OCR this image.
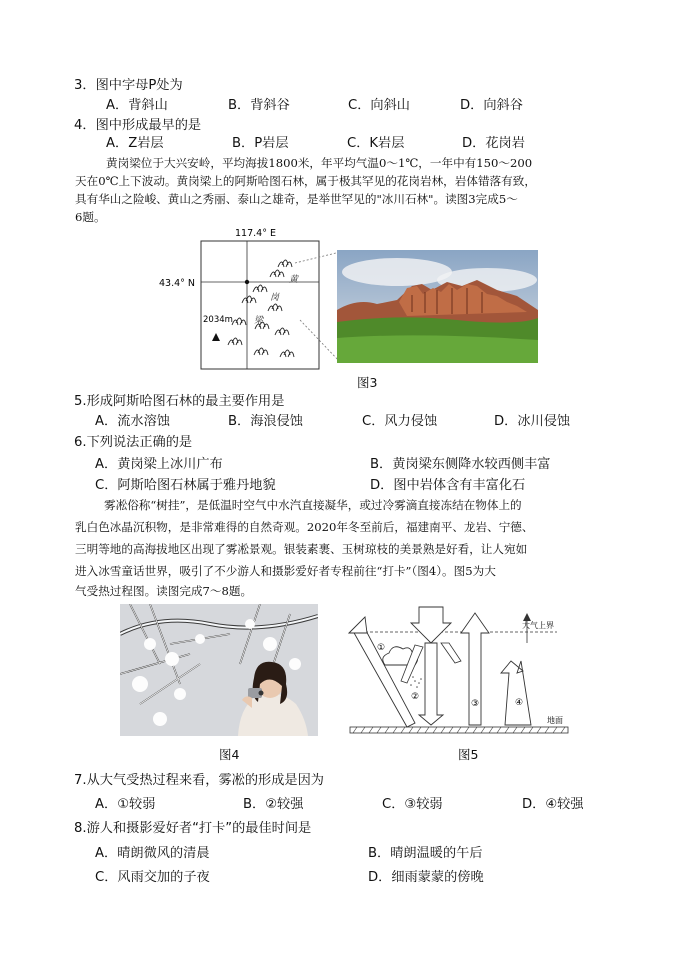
3．图中字母P处为
A．背斜山	B．背斜谷	C．向斜山	D．向斜谷
4．图中形成最早的是
A．Z岩层	B．P岩层	C．K岩层	D．花岗岩
黄岗梁位于大兴安岭，平均海拔1800米，年平均气温0～1℃，一年中有150～200
天在0℃上下波动。黄岗梁上的阿斯哈图石林，属于极其罕见的花岗岩林，岩体错落有致，
具有华山之险峻、黄山之秀丽、泰山之雄奇，是举世罕见的"冰川石林"。读图3完成5～
6题。
117.4° E
43.4° N	黄
岗
梁
2034m
图3
5.形成阿斯哈图石林的最主要作用是
A．流水溶蚀	B．海浪侵蚀	C．风力侵蚀	D．冰川侵蚀
6.下列说法正确的是
A．黄岗梁上冰川广布	B．黄岗梁东侧降水较西侧丰富
C．阿斯哈图石林属于雅丹地貌	D．图中岩体含有丰富化石
雾凇俗称“树挂”，是低温时空气中水汽直接凝华，或过冷雾滴直接冻结在物体上的
乳白色冰晶沉积物，是非常难得的自然奇观。2020年冬至前后，福建南平、龙岩、宁德、
三明等地的高海拔地区出现了雾凇景观。银装素裹、玉树琼枝的美景熟是好看，让人宛如
进入冰雪童话世界，吸引了不少游人和摄影爱好者专程前往“打卡”（图4）。图5为大
气受热过程图。读图完成7～8题。
图4
大气上界
地面
①
②
③	④
图5
7.从大气受热过程来看，雾凇的形成是因为
A．①较弱	B．②较强	C．③较弱	D．④较强
8.游人和摄影爱好者“打卡”的最佳时间是
A．晴朗微风的清晨	B．晴朗温暖的午后
C．风雨交加的子夜	D．细雨蒙蒙的傍晚
